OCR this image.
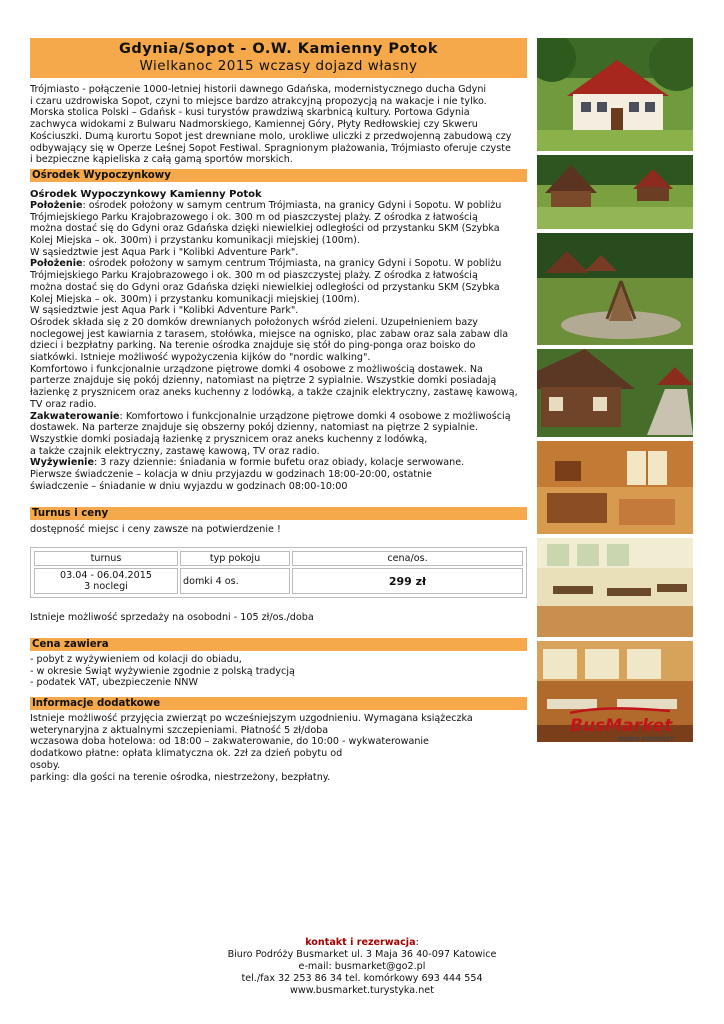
Gdynia/Sopot - O.W. Kamienny Potok
Wielkanoc 2015 wczasy dojazd własny
Trójmiasto - połączenie 1000-letniej historii dawnego Gdańska, modernistycznego ducha Gdyni
i czaru uzdrowiska Sopot, czyni to miejsce bardzo atrakcyjną propozycją na wakacje i nie tylko.
Morska stolica Polski – Gdańsk - kusi turystów prawdziwą skarbnicą kultury. Portowa Gdynia
zachwyca widokami z Bulwaru Nadmorskiego, Kamiennej Góry, Płyty Redłowskiej czy Skweru
Kościuszki. Dumą kurortu Sopot jest drewniane molo, urokliwe uliczki z przedwojenną zabudową czy
odbywający się w Operze Leśnej Sopot Festiwal. Spragnionym plażowania, Trójmiasto oferuje czyste
i bezpieczne kąpieliska z całą gamą sportów morskich.
Ośrodek Wypoczynkowy
Ośrodek Wypoczynkowy Kamienny Potok
Położenie: ośrodek położony w samym centrum Trójmiasta, na granicy Gdyni i Sopotu. W pobliżu
Trójmiejskiego Parku Krajobrazowego i ok. 300 m od piaszczystej plaży. Z ośrodka z łatwością
można dostać się do Gdyni oraz Gdańska dzięki niewielkiej odległości od przystanku SKM (Szybka
Kolej Miejska – ok. 300m) i przystanku komunikacji miejskiej (100m).
W sąsiedztwie jest Aqua Park i "Kolibki Adventure Park".
Położenie: ośrodek położony w samym centrum Trójmiasta, na granicy Gdyni i Sopotu. W pobliżu
Trójmiejskiego Parku Krajobrazowego i ok. 300 m od piaszczystej plaży. Z ośrodka z łatwością
można dostać się do Gdyni oraz Gdańska dzięki niewielkiej odległości od przystanku SKM (Szybka
Kolej Miejska – ok. 300m) i przystanku komunikacji miejskiej (100m).
W sąsiedztwie jest Aqua Park i "Kolibki Adventure Park".
Ośrodek składa się z 20 domków drewnianych położonych wśród zieleni. Uzupełnieniem bazy
noclegowej jest kawiarnia z tarasem, stołówka, miejsce na ognisko, plac zabaw oraz sala zabaw dla
dzieci i bezpłatny parking. Na terenie ośrodka znajduje się stół do ping-ponga oraz boisko do
siatkówki. Istnieje możliwość wypożyczenia kijków do "nordic walking".
Komfortowo i funkcjonalnie urządzone piętrowe domki 4 osobowe z możliwością dostawek. Na
parterze znajduje się pokój dzienny, natomiast na piętrze 2 sypialnie. Wszystkie domki posiadają
łazienkę z prysznicem oraz aneks kuchenny z lodówką, a także czajnik elektryczny, zastawę kawową,
TV oraz radio.
Zakwaterowanie: Komfortowo i funkcjonalnie urządzone piętrowe domki 4 osobowe z możliwością
dostawek. Na parterze znajduje się obszerny pokój dzienny, natomiast na piętrze 2 sypialnie.
Wszystkie domki posiadają łazienkę z prysznicem oraz aneks kuchenny z lodówką,
a także czajnik elektryczny, zastawę kawową, TV oraz radio.
Wyżywienie: 3 razy dziennie: śniadania w formie bufetu oraz obiady, kolacje serwowane.
Pierwsze świadczenie – kolacja w dniu przyjazdu w godzinach 18:00-20:00, ostatnie
świadczenie – śniadanie w dniu wyjazdu w godzinach 08:00-10:00
Turnus i ceny
dostępność miejsc i ceny zawsze na potwierdzenie !
turnus	typ pokoju	cena/os.

03.04 - 06.04.2015
3 noclegi	domki 4 os.	299 zł
Istnieje możliwość sprzedaży na osobodni - 105 zł/os./doba
Cena zawiera
- pobyt z wyżywieniem od kolacji do obiadu,
- w okresie Świąt wyżywienie zgodnie z polską tradycją
- podatek VAT, ubezpieczenie NNW
Informacje dodatkowe
Istnieje możliwość przyjęcia zwierząt po wcześniejszym uzgodnieniu. Wymagana książeczka
weterynaryjna z aktualnymi szczepieniami. Płatność 5 zł/doba
wczasowa doba hotelowa: od 18:00 – zakwaterowanie, do 10:00 - wykwaterowanie
dodatkowo płatne: opłata klimatyczna ok. 2zł za dzień pobytu od
osoby.
parking: dla gości na terenie ośrodka, niestrzeżony, bezpłatny.
BusMarket
BIURO PODRÓŻY
kontakt i rezerwacja:
Biuro Podróży Busmarket ul. 3 Maja 36 40-097 Katowice
e-mail: busmarket@go2.pl
tel./fax 32 253 86 34 tel. komórkowy 693 444 554
www.busmarket.turystyka.net
